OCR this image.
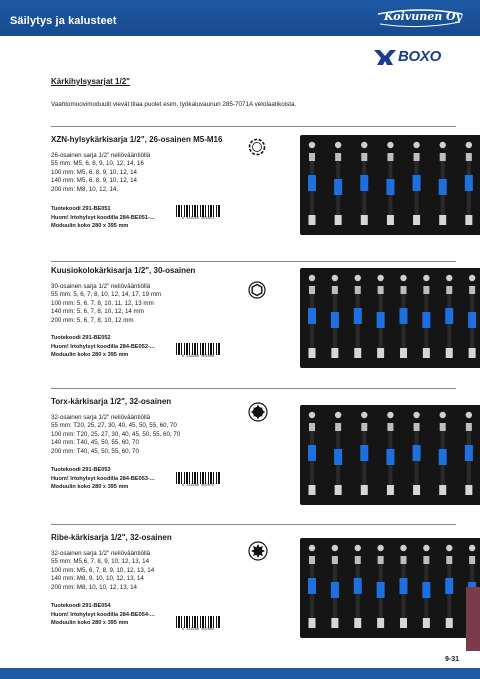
Säilytys ja kalusteet	Koivunen Oy
BOXO
Kärkihylsysarjat 1/2"
Vaahtomuovimoduulit vievät tilaa puolet esim. työkaluvaunun 285-7071A vetolaatikoista.
XZN-hylsykärkisarja 1/2", 26-osainen M5-M16
26-osainen sarja 1/2" neliövääntiöllä
55 mm: M5, 6, 8, 9, 10, 12, 14, 16
100 mm: M5, 6, 8, 9, 10, 12, 14
140 mm: M5, 6, 8, 9, 10, 12, 14
200 mm: M8, 10, 12, 14.
Tuotekoodi 291-BE051
Huom! Irtohylsyt koodilla 284-BE051-...
Moduulin koko 280 x 395 mm
6 418280 002051
Kuusiokolokärkisarja 1/2", 30-osainen
30-osainen sarja 1/2" neliövääntiöllä
55 mm: 5, 6, 7, 8, 10, 12, 14, 17, 19 mm
100 mm: 5, 6, 7, 8, 10, 11, 12, 13 mm
140 mm: 5, 6, 7, 8, 10, 12, 14 mm
200 mm: 5, 6, 7, 8, 10, 12 mm
Tuotekoodi 291-BE052
Huom! Irtohylsyt koodilla 284-BE052-...
Moduulin koko 280 x 395 mm	6 418280 002068
Torx-kärkisarja 1/2", 32-osainen
32-osainen sarja 1/2" neliövääntiöllä
55 mm: T20, 25, 27, 30, 40, 45, 50, 55, 60, 70
100 mm: T20, 25, 27, 30, 40, 45, 50, 55, 60, 70
140 mm: T40, 45, 50, 55, 60, 70
200 mm: T40, 45, 50, 55, 60, 70
Tuotekoodi 291-BE053
Huom! Irtohylsyt koodilla 284-BE053-...
Moduulin koko 280 x 395 mm	6 418280 002075
Ribe-kärkisarja 1/2", 32-osainen
32-osainen sarja 1/2" neliövääntiöllä
55 mm: M5,6, 7, 8, 9, 10, 12, 13, 14
100 mm: M5, 6, 7, 8, 9, 10, 12, 13, 14
140 mm: M8, 9, 10, 10, 12, 13, 14
200 mm: M8, 10, 10, 12, 13, 14
Tuotekoodi 291-BE054
Huom! Irtohylsyt koodilla 284-BE054-...
Moduulin koko 280 x 395 mm
6 418280 002082
9-31
